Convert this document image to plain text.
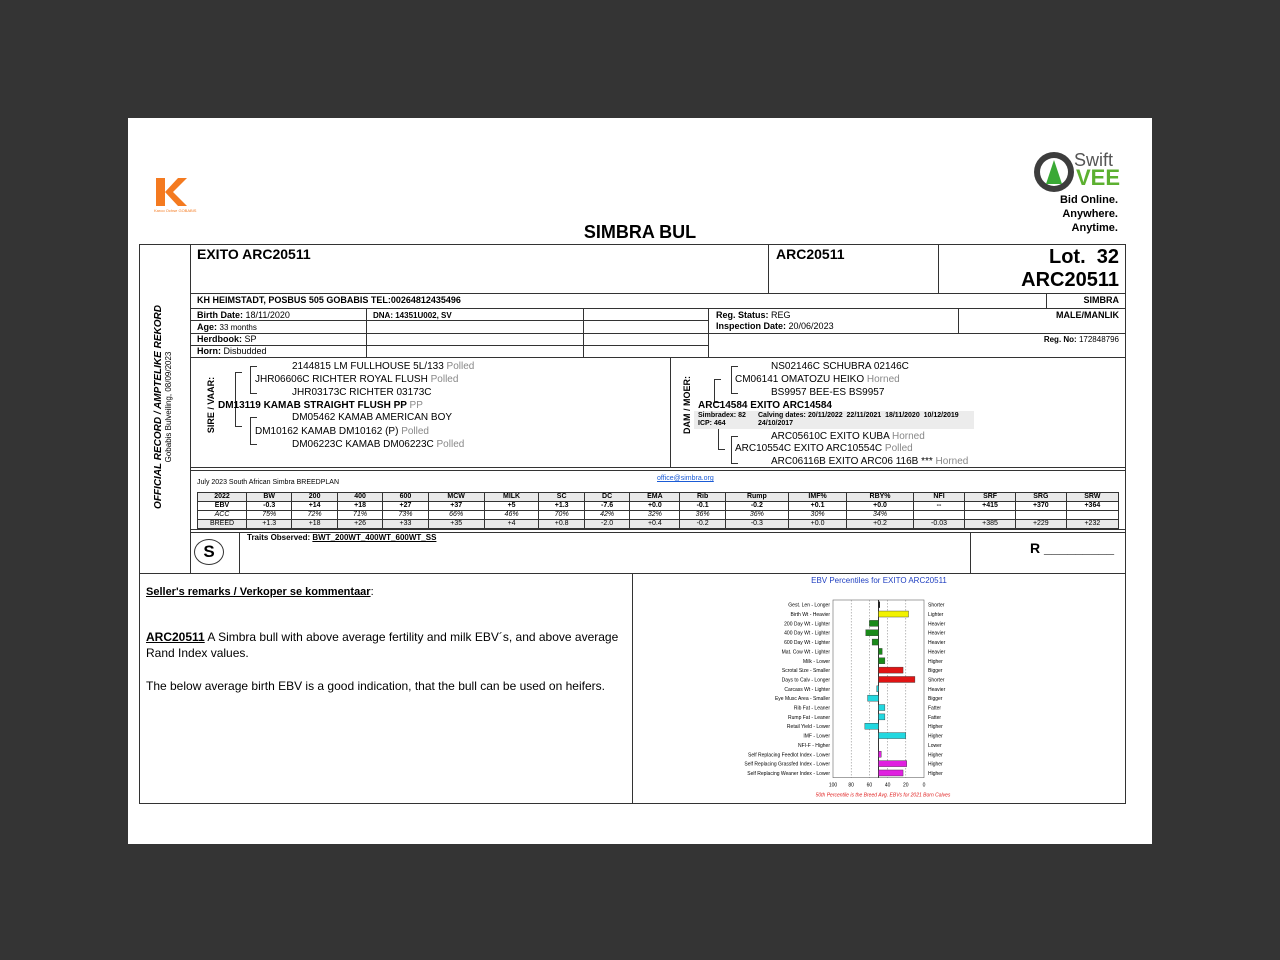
Karoo Ochse GOBABIS
Swift
VEE
Bid Online.
Anywhere.
Anytime.
SIMBRA BUL
OFFICIAL RECORD / AMPTELIKE REKORD Gobabis Bulveiling, 08/09/2023
EXITO ARC20511	ARC20511	Lot.  32
ARC20511
KH HEIMSTADT, POSBUS 505 GOBABIS TEL:00264812435496	SIMBRA
Birth Date: 18/11/2020	DNA: 14351U002, SV	Reg. Status: REG	MALE/MANLIK
Age: 33 months	Inspection Date: 20/06/2023
Herdbook: SP	Reg. No: 172848796
Horn: Disbudded
SIRE / VAAR:	DAM / MOER:
2144815 LM FULLHOUSE 5L/133 Polled
JHR06606C RICHTER ROYAL FLUSH Polled
JHR03173C RICHTER 03173C
DM13119 KAMAB STRAIGHT FLUSH PP PP
DM05462 KAMAB AMERICAN BOY
DM10162 KAMAB DM10162 (P) Polled
DM06223C KAMAB DM06223C Polled
NS02146C SCHUBRA 02146C
CM06141 OMATOZU HEIKO Horned
BS9957 BEE-ES BS9957
ARC14584 EXITO ARC14584
Simbradex: 82
ICP: 464
Calving dates: 20/11/2022  22/11/2021  18/11/2020  10/12/2019
24/10/2017
ARC05610C EXITO KUBA Horned
ARC10554C EXITO ARC10554C Polled
ARC06116B EXITO ARC06 116B *** Horned
July 2023 South African Simbra BREEDPLAN
office@simbra.org
2022	BW	200	400	600	MCW	MILK	SC	DC	EMA	Rib	Rump	IMF%	RBY%	NFI	SRF	SRG	SRW
EBV	-0.3	+14	+18	+27	+37	+5	+1.3	-7.6	+0.0	-0.1	-0.2	+0.1	+0.0	--	+415	+370	+364
ACC	75%	72%	71%	73%	66%	46%	70%	42%	32%	36%	36%	30%	34%				
BREED	+1.3	+18	+26	+33	+35	+4	+0.8	-2.0	+0.4	-0.2	-0.3	+0.0	+0.2	-0.03	+385	+229	+232
S
Traits Observed: BWT_200WT_400WT_600WT_SS
R _________
Seller's remarks / Verkoper se kommentaar:
ARC20511 A Simbra bull with above average fertility and milk EBV´s, and above average Rand Index values.
The below average birth EBV is a good indication, that the bull can be used on heifers.
EBV Percentiles for EXITO ARC20511
Gest. Len - Longer	Shorter
Birth Wt - Heavier	Lighter
200 Day Wt - Lighter	Heavier
400 Day Wt - Lighter	Heavier
600 Day Wt - Lighter	Heavier
Mat. Cow Wt - Lighter	Heavier
Milk - Lower	Higher
Scrotal Size - Smaller	Bigger
Days to Calv - Longer	Shorter
Carcass Wt - Lighter	Heavier
Eye Musc Area - Smaller	Bigger
Rib Fat - Leaner	Fatter
Rump Fat - Leaner	Fatter
Retail Yield - Lower	Higher
IMF - Lower	Higher
NFI-F - Higher	Lower
Self Replacing Feedlot Index - Lower	Higher
Self Replacing Grassfed Index - Lower	Higher
Self Replacing Weaner Index - Lower	Higher
100 80	60	40	20	0
50th Percentile is the Breed Avg. EBVs for 2021 Born Calves
